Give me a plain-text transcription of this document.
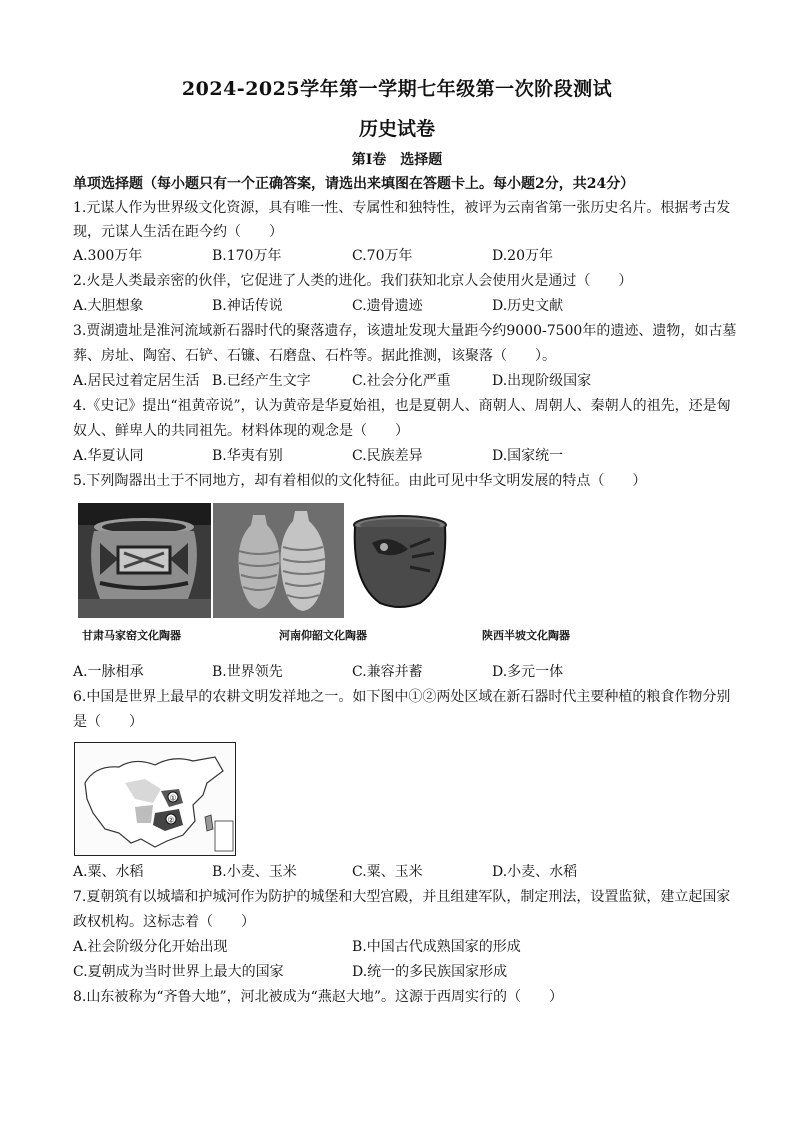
2024-2025学年第一学期七年级第一次阶段测试
历史试卷
第Ⅰ卷　选择题
单项选择题（每小题只有一个正确答案，请选出来填图在答题卡上。每小题2分，共24分）
1.元谋人作为世界级文化资源，具有唯一性、专属性和独特性，被评为云南省第一张历史名片。根据考古发
现，元谋人生活在距今约（　　）
A.300万年	B.170万年	C.70万年	D.20万年
2.火是人类最亲密的伙伴，它促进了人类的进化。我们获知北京人会使用火是通过（　　）
A.大胆想象	B.神话传说	C.遗骨遗迹	D.历史文献
3.贾湖遗址是淮河流域新石器时代的聚落遗存，该遗址发现大量距今约9000-7500年的遗迹、遗物，如古墓
葬、房址、陶窑、石铲、石镰、石磨盘、石杵等。据此推测，该聚落（　　）。
A.居民过着定居生活 B.已经产生文字	C.社会分化严重	D.出现阶级国家
4.《史记》提出“祖黄帝说”，认为黄帝是华夏始祖，也是夏朝人、商朝人、周朝人、秦朝人的祖先，还是匈
奴人、鲜卑人的共同祖先。材料体现的观念是（　　）
A.华夏认同	B.华夷有别	C.民族差异	D.国家统一
5.下列陶器出土于不同地方，却有着相似的文化特征。由此可见中华文明发展的特点（　　）
甘肃马家窑文化陶器	河南仰韶文化陶器	陕西半坡文化陶器
A.一脉相承	B.世界领先	C.兼容并蓄	D.多元一体
6.中国是世界上最早的农耕文明发祥地之一。如下图中①②两处区域在新石器时代主要种植的粮食作物分别
是（　　）
①
②
A.粟、水稻	B.小麦、玉米	C.粟、玉米	D.小麦、水稻
7.夏朝筑有以城墙和护城河作为防护的城堡和大型宫殿，并且组建军队，制定刑法，设置监狱，建立起国家
政权机构。这标志着（　　）
A.社会阶级分化开始出现	B.中国古代成熟国家的形成
C.夏朝成为当时世界上最大的国家	D.统一的多民族国家形成
8.山东被称为“齐鲁大地”，河北被成为“燕赵大地”。这源于西周实行的（　　）
